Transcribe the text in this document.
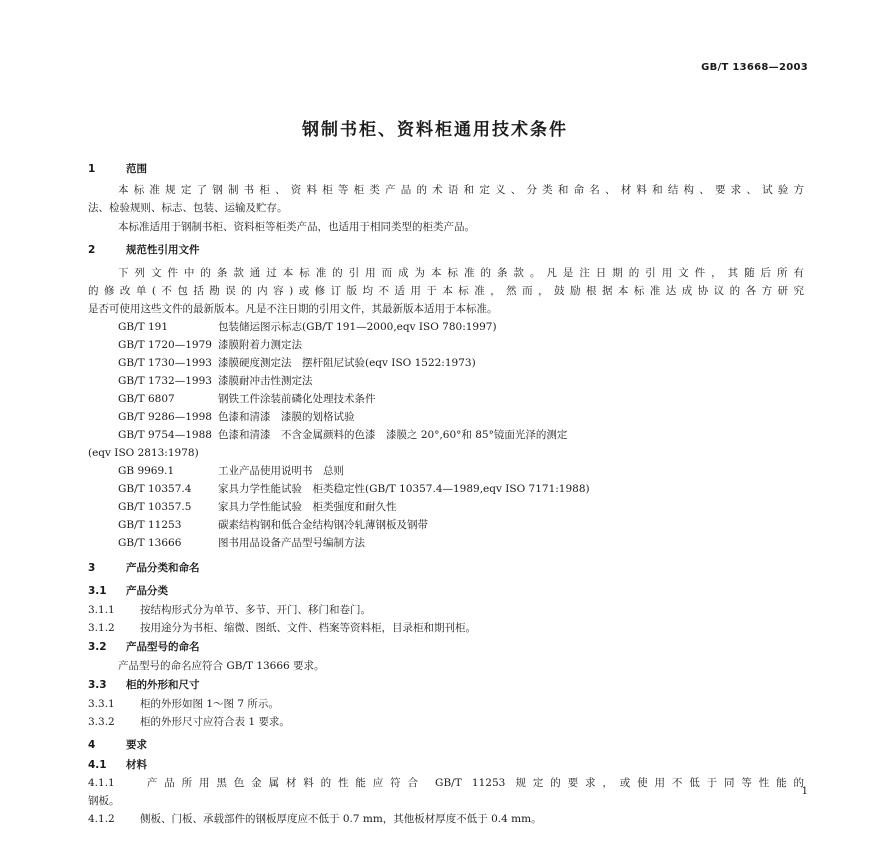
GB/T 13668—2003
钢制书柜、资料柜通用技术条件
1	范围
本标准规定了钢制书柜、资料柜等柜类产品的术语和定义、分类和命名、材料和结构、要求、试验方
法、检验规则、标志、包装、运输及贮存。
本标准适用于钢制书柜、资料柜等柜类产品，也适用于相同类型的柜类产品。
2	规范性引用文件
下列文件中的条款通过本标准的引用而成为本标准的条款。凡是注日期的引用文件，其随后所有
的修改单(不包括勘误的内容)或修订版均不适用于本标准，然而，鼓励根据本标准达成协议的各方研究
是否可使用这些文件的最新版本。凡是不注日期的引用文件，其最新版本适用于本标准。
GB/T 191	包装储运图示标志(GB/T 191—2000,eqv ISO 780:1997)
GB/T 1720—1979 漆膜附着力测定法
GB/T 1730—1993 漆膜硬度测定法　摆杆阻尼试验(eqv ISO 1522:1973)
GB/T 1732—1993 漆膜耐冲击性测定法
GB/T 6807	钢铁工件涂装前磷化处理技术条件
GB/T 9286—1998 色漆和清漆　漆膜的划格试验
GB/T 9754—1988 色漆和清漆　不含金属颜料的色漆　漆膜之 20°,60°和 85°镜面光泽的测定
(eqv ISO 2813:1978)
GB 9969.1	工业产品使用说明书　总则
GB/T 10357.4	家具力学性能试验　柜类稳定性(GB/T 10357.4—1989,eqv ISO 7171:1988)
GB/T 10357.5	家具力学性能试验　柜类强度和耐久性
GB/T 11253	碳素结构钢和低合金结构钢冷轧薄钢板及钢带
GB/T 13666	图书用品设备产品型号编制方法
3	产品分类和命名
3.1 产品分类
3.1.1 按结构形式分为单节、多节、开门、移门和卷门。
3.1.2 按用途分为书柜、缩微、图纸、文件、档案等资料柜，目录柜和期刊柜。
3.2 产品型号的命名
产品型号的命名应符合 GB/T 13666 要求。
3.3 柜的外形和尺寸
3.3.1 柜的外形如图 1～图 7 所示。
3.3.2 柜的外形尺寸应符合表 1 要求。
4	要求
4.1 材料
4.1.1 产品所用黑色金属材料的性能应符合 GB/T 11253 规定的要求，或使用不低于同等性能的
钢板。
4.1.2 侧板、门板、承载部件的钢板厚度应不低于 0.7 mm，其他板材厚度不低于 0.4 mm。
1
